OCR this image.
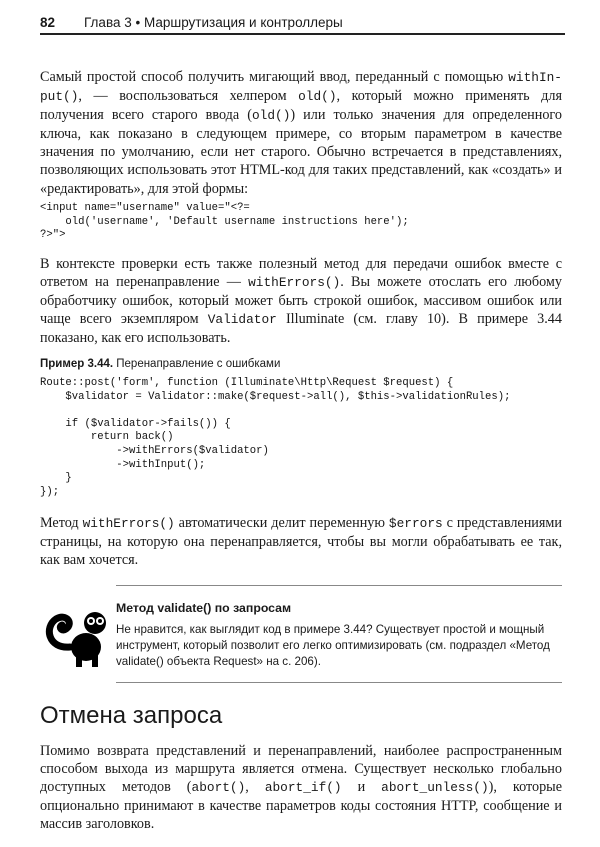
82 Глава 3 • Маршрутизация и контроллеры

Самый простой способ получить мигающий ввод, переданный с помощью withIn-put(), — воспользоваться хелпером old(), который можно применять для получения всего старого ввода (old()) или только значения для определенного ключа, как показано в следующем примере, со вторым параметром в качестве значения по умолчанию, если нет старого. Обычно встречается в представлениях, позволяющих использовать этот HTML-код для таких представлений, как «создать» и «редактировать», для этой формы:

<input name="username" value="<?=
old('username', 'Default username instructions here');
?>">

В контексте проверки есть также полезный метод для передачи ошибок вместе с ответом на перенаправление — withErrors(). Вы можете отослать его любому обработчику ошибок, который может быть строкой ошибок, массивом ошибок или чаще всего экземпляром Validator Illuminate (см. главу 10). В примере 3.44 показано, как его использовать.

Пример 3.44. Перенаправление с ошибками
Route::post('form', function (Illuminate\Http\Request $request) {
$validator = Validator::make($request->all(), $this->validationRules);

if ($validator->fails()) {
return back()
->withErrors($validator)
->withInput();
}
});

Метод withErrors() автоматически делит переменную $errors с представлениями страницы, на которую она перенаправляется, чтобы вы могли обрабатывать ее так, как вам хочется.

Метод validate() по запросам

Не нравится, как выглядит код в примере 3.44? Существует простой и мощный инструмент, который позволит его легко оптимизировать (см. подраздел «Метод validate() объекта Request» на с. 206).

Отмена запроса

Помимо возврата представлений и перенаправлений, наиболее распространенным способом выхода из маршрута является отмена. Существует несколько глобально доступных методов (abort(), abort_if() и abort_unless()), которые опционально принимают в качестве параметров коды состояния HTTP, сообщение и массив заголовков.
